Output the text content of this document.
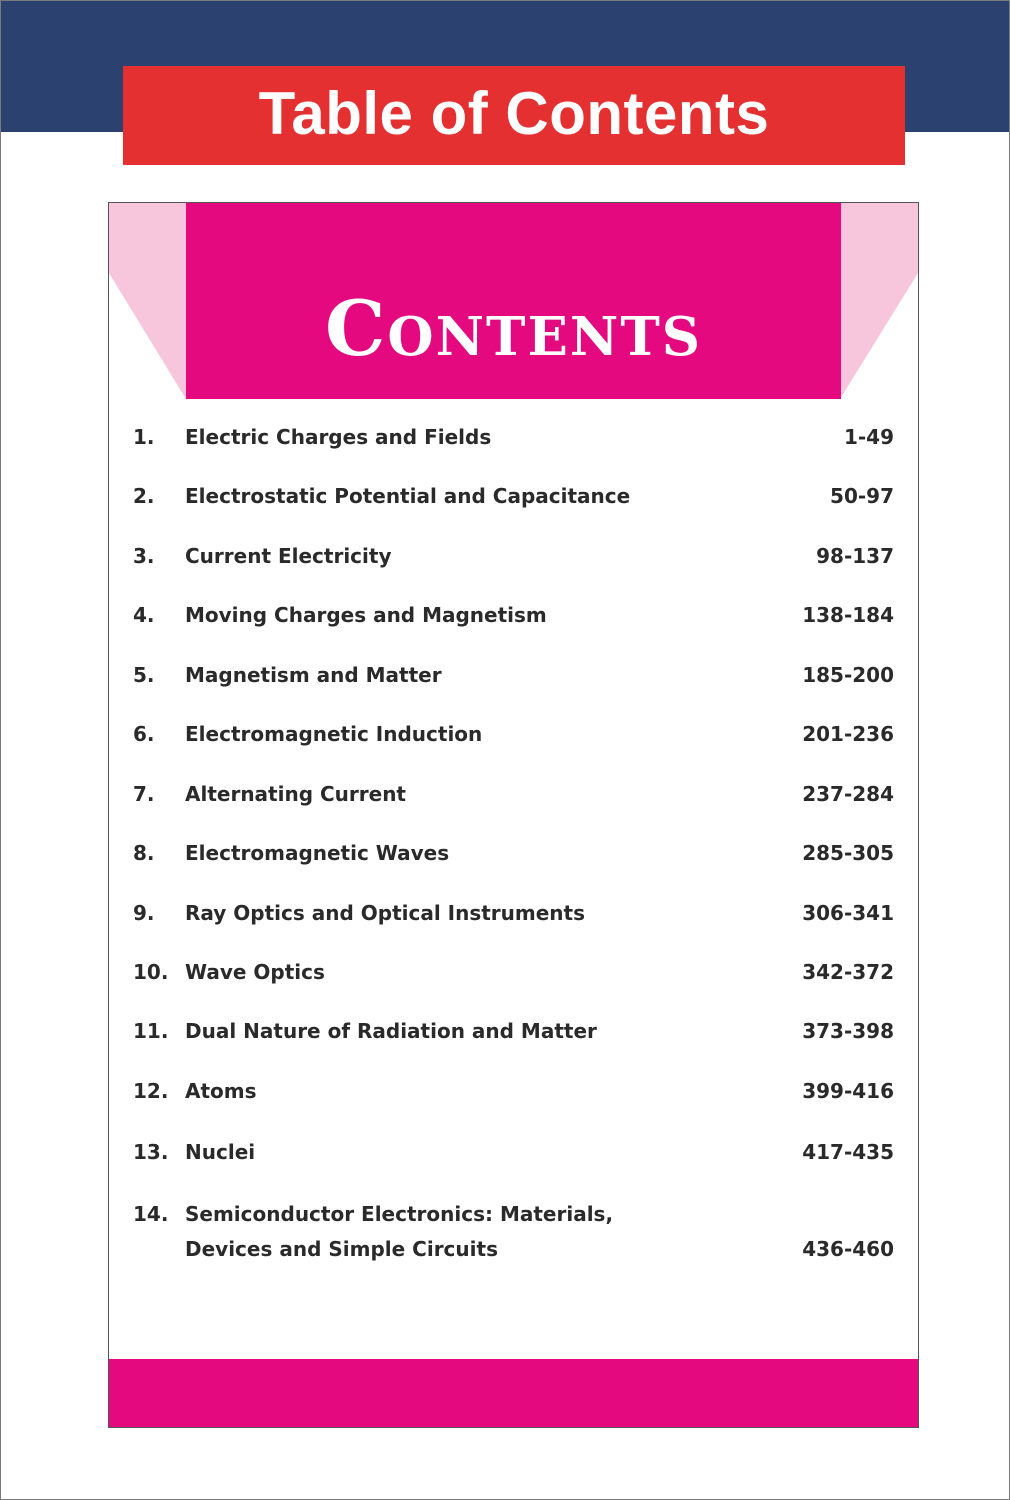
Table of Contents
Contents
1. Electric Charges and Fields	1-49
2. Electrostatic Potential and Capacitance	50-97
3. Current Electricity	98-137
4. Moving Charges and Magnetism	138-184
5. Magnetism and Matter	185-200
6. Electromagnetic Induction	201-236
7. Alternating Current	237-284
8. Electromagnetic Waves	285-305
9. Ray Optics and Optical Instruments	306-341
10. Wave Optics	342-372
11. Dual Nature of Radiation and Matter	373-398
12. Atoms	399-416
13. Nuclei	417-435
14. Semiconductor Electronics: Materials,
Devices and Simple Circuits	436-460
